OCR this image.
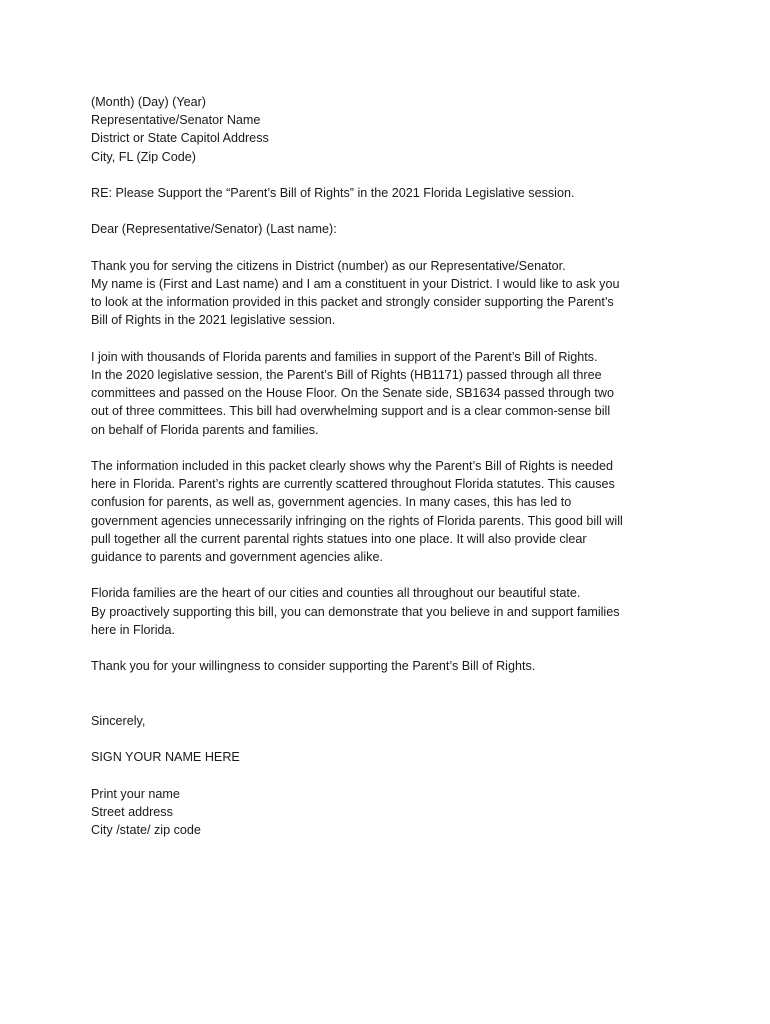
(Month) (Day) (Year)
Representative/Senator Name
District or State Capitol Address
City, FL (Zip Code)
RE: Please Support the “Parent’s Bill of Rights” in the 2021 Florida Legislative session.
Dear (Representative/Senator) (Last name):
Thank you for serving the citizens in District (number) as our Representative/Senator.
My name is (First and Last name) and I am a constituent in your District. I would like to ask you
to look at the information provided in this packet and strongly consider supporting the Parent’s
Bill of Rights in the 2021 legislative session.
I join with thousands of Florida parents and families in support of the Parent’s Bill of Rights.
In the 2020 legislative session, the Parent’s Bill of Rights (HB1171) passed through all three
committees and passed on the House Floor. On the Senate side, SB1634 passed through two
out of three committees. This bill had overwhelming support and is a clear common-sense bill
on behalf of Florida parents and families.
The information included in this packet clearly shows why the Parent’s Bill of Rights is needed
here in Florida. Parent’s rights are currently scattered throughout Florida statutes. This causes
confusion for parents, as well as, government agencies. In many cases, this has led to
government agencies unnecessarily infringing on the rights of Florida parents. This good bill will
pull together all the current parental rights statues into one place. It will also provide clear
guidance to parents and government agencies alike.
Florida families are the heart of our cities and counties all throughout our beautiful state.
By proactively supporting this bill, you can demonstrate that you believe in and support families
here in Florida.
Thank you for your willingness to consider supporting the Parent’s Bill of Rights.
Sincerely,
SIGN YOUR NAME HERE
Print your name
Street address
City /state/ zip code
